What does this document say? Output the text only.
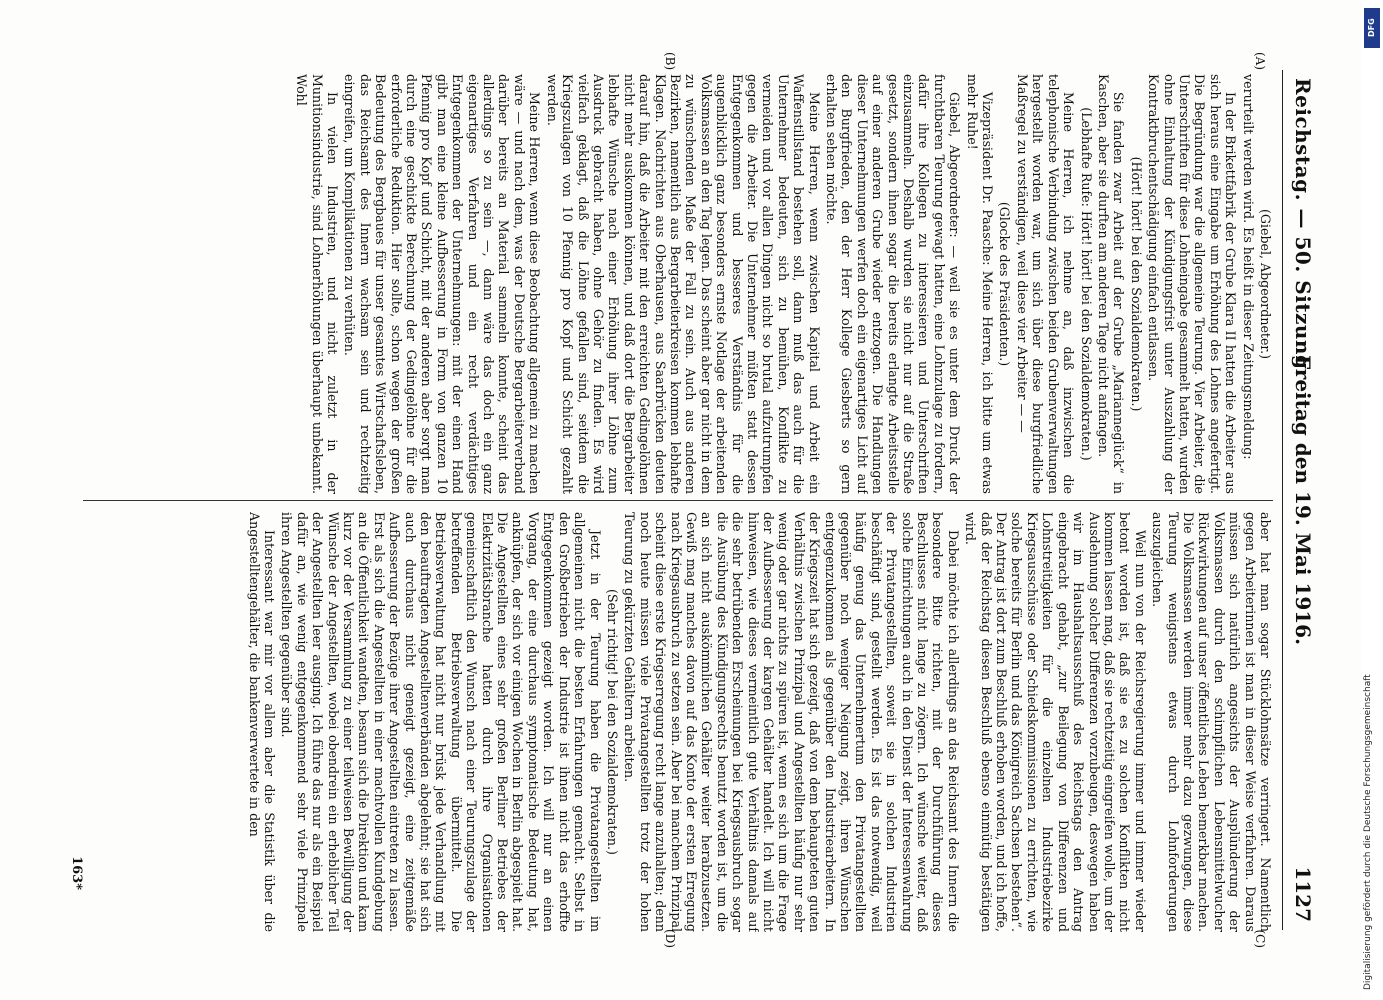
Reichstag. — 50. Sitzung.
Freitag den 19. Mai 1916.
1127
(A)
(B)
(C)
(D)

(Giebel, Abgeordneter.)

verurteilt werden wird. Es heißt in dieser Zeitungsmeldung:

In der Brikettfabrik der Grube Klara II hatten die Arbeiter aus sich heraus eine Eingabe um Erhöhung des Lohnes angefertigt. Die Begründung war die allgemeine Teurung. Vier Arbeiter, die Unterschriften für diese Lohneingabe gesammelt hatten, wurden ohne Einhaltung der Kündigungsfrist unter Auszahlung der Kontraktbruchentschädigung einfach entlassen.

(Hört! hört! bei den Sozialdemokraten.)

Sie fanden zwar Arbeit auf der Grube „Marianneglück“ in Kaschen, aber sie durften am anderen Tage nicht anfangen.

(Lebhafte Rufe: Hört! hört! bei den Sozialdemokraten.)

Meine Herren, ich nehme an, daß inzwischen die telephonische Verbindung zwischen beiden Grubenverwaltungen hergestellt worden war, um sich über diese burgfriedliche Maßregel zu verständigen, weil diese vier Arbeiter — —

(Glocke des Präsidenten.)

Vizepräsident Dr. Paasche: Meine Herren, ich bitte um etwas mehr Ruhe!

Giebel, Abgeordneter: — weil sie es unter dem Druck der furchtbaren Teurung gewagt hatten, eine Lohnzulage zu fordern, dafür ihre Kollegen zu interessieren und Unterschriften einzusammeln. Deshalb wurden sie nicht nur auf die Straße gesetzt, sondern ihnen sogar die bereits erlangte Arbeitsstelle auf einer anderen Grube wieder entzogen. Die Handlungen dieser Unternehmungen werfen doch ein eigenartiges Licht auf den Burgfrieden, den der Herr Kollege Giesberts so gern erhalten sehen möchte.

Meine Herren, wenn zwischen Kapital und Arbeit ein Waffenstillstand bestehen soll, dann muß das auch für die Unternehmer bedeuten, sich zu bemühen, Konflikte zu vermeiden und vor allen Dingen nicht so brutal aufzutrumpfen gegen die Arbeiter. Die Unternehmer müßten statt dessen Entgegenkommen und besseres Verständnis für die augenblicklich ganz besonders ernste Notlage der arbeitenden Volksmassen an den Tag legen. Das scheint aber gar nicht in dem zu wünschenden Maße der Fall zu sein. Auch aus anderen Bezirken, namentlich aus Bergarbeiterkreisen kommen lebhafte Klagen. Nachrichten aus Oberhausen, aus Saarbrücken deuten darauf hin, daß die Arbeiter mit den erreichten Gedingelöhnen nicht mehr auskommen können, und daß dort die Bergarbeiter lebhafte Wünsche nach einer Erhöhung ihrer Löhne zum Ausdruck gebracht haben, ohne Gehör zu finden. Es wird vielfach geklagt, daß die Löhne gefallen sind, seitdem die Kriegszulagen von 10 Pfennig pro Kopf und Schicht gezahlt werden.

Meine Herren, wenn diese Beobachtung allgemein zu machen wäre — und nach dem, was der Deutsche Bergarbeiterverband darüber bereits an Material sammeln konnte, scheint das allerdings so zu sein —, dann wäre das doch ein ganz eigenartiges Verfahren und ein recht verdächtiges Entgegenkommen der Unternehmungen: mit der einen Hand gibt man eine kleine Aufbesserung in Form von ganzen 10 Pfennig pro Kopf und Schicht, mit der anderen aber sorgt man durch eine geschickte Berechnung der Gedingelöhne für die erforderliche Reduktion. Hier sollte, schon wegen der großen Bedeutung des Bergbaues für unser gesamtes Wirtschaftsleben, das Reichsamt des Innern wachsam sein und rechtzeitig eingreifen, um Komplikationen zu verhüten.

In vielen Industrien, und nicht zuletzt in der Munitionsindustrie, sind Lohnerhöhungen überhaupt unbekannt. Wohl

aber hat man sogar Stücklohnsätze verringert. Namentlich gegen Arbeiterinnen ist man in dieser Weise verfahren. Daraus müssen sich natürlich angesichts der Ausplünderung der Volksmassen durch den schimpflichen Lebensmittelwucher Rückwirkungen auf unser öffentliches Leben bemerkbar machen. Die Volksmassen werden immer mehr dazu gezwungen, diese Teurung wenigstens etwas durch Lohnforderungen auszugleichen.

Weil nun von der Reichsregierung immer und immer wieder betont worden ist, daß sie es zu solchen Konflikten nicht kommen lassen mag, daß sie rechtzeitig eingreifen wolle, um der Ausdehnung solcher Differenzen vorzubeugen, deswegen haben wir im Haushaltsausschuß des Reichstags den Antrag eingebracht gehabt, „zur Beilegung von Differenzen und Lohnstreitigkeiten für die einzelnen Industriebezirke Kriegsausschüsse oder Schiedskommissionen zu errichten, wie solche bereits für Berlin und das Königreich Sachsen bestehen“. Der Antrag ist dort zum Beschluß erhoben worden, und ich hoffe, daß der Reichstag diesen Beschluß ebenso einmütig bestätigen wird.

Dabei möchte ich allerdings an das Reichsamt des Innern die besondere Bitte richten, mit der Durchführung dieses Beschlusses nicht lange zu zögern. Ich wünsche weiter, daß solche Einrichtungen auch in den Dienst der Interessenwahrung der Privatangestellten, soweit sie in solchen Industrien beschäftigt sind, gestellt werden. Es ist das notwendig, weil häufig genug das Unternehmertum den Privatangestellten gegenüber noch weniger Neigung zeigt, ihren Wünschen entgegenzukommen als gegenüber den Industriearbeitern. In der Kriegszeit hat sich gezeigt, daß von dem behaupteten guten Verhältnis zwischen Prinzipal und Angestellten häufig nur sehr wenig oder gar nichts zu spüren ist, wenn es sich um die Frage der Aufbesserung der kargen Gehälter handelt. Ich will nicht hinweisen, wie dieses vermeintlich gute Verhältnis damals auf die sehr betrübenden Erscheinungen bei Kriegsausbruch sogar die Ausübung des Kündigungsrechts benutzt worden ist, um die an sich nicht auskömmlichen Gehälter weiter herabzusetzen. Gewiß mag manches davon auf das Konto der ersten Erregung nach Kriegsausbruch zu setzen sein. Aber bei manchem Prinzipal scheint diese erste Kriegserregung recht lange anzuhalten; denn noch heute müssen viele Privatangestellten trotz der hohen Teurung zu gekürzten Gehältern arbeiten.

(Sehr richtig! bei den Sozialdemokraten.)

Jetzt in der Teurung haben die Privatangestellten im allgemeinen nicht die besten Erfahrungen gemacht. Selbst in den Großbetrieben der Industrie ist ihnen nicht das erhoffte Entgegenkommen gezeigt worden. Ich will nur an einen Vorgang, der eine durchaus symptomatische Bedeutung hat, anknüpfen, der sich vor einigen Wochen in Berlin abgespielt hat. Die Angestellten eines sehr großen Berliner Betriebes der Elektrizitätsbranche hatten durch ihre Organisationen gemeinschaftlich den Wunsch nach einer Teurungszulage der betreffenden Betriebsverwaltung übermittelt. Die Betriebsverwaltung hat nicht nur brüsk jede Verhandlung mit den beauftragten Angestelltenverbänden abgelehnt; sie hat sich auch durchaus nicht geneigt gezeigt, eine zeitgemäße Aufbesserung der Bezüge ihrer Angestellten eintreten zu lassen. Erst als sich die Angestellten in einer machtvollen Kundgebung an die Öffentlichkeit wandten, besann sich die Direktion und kam kurz vor der Versammlung zu einer teilweisen Bewilligung der Wünsche der Angestellten, wobei obendrein ein erheblicher Teil der Angestellten leer ausging. Ich führe das nur als ein Beispiel dafür an, wie wenig entgegenkommend sehr viele Prinzipale ihren Angestellten gegenüber sind.

Interessant war mir vor allem aber die Statistik über die Angestelltengehälter, die bankenverwertete in den

163*
DFG
Digitalisierung gefördert durch die Deutsche Forschungsgemeinschaft
